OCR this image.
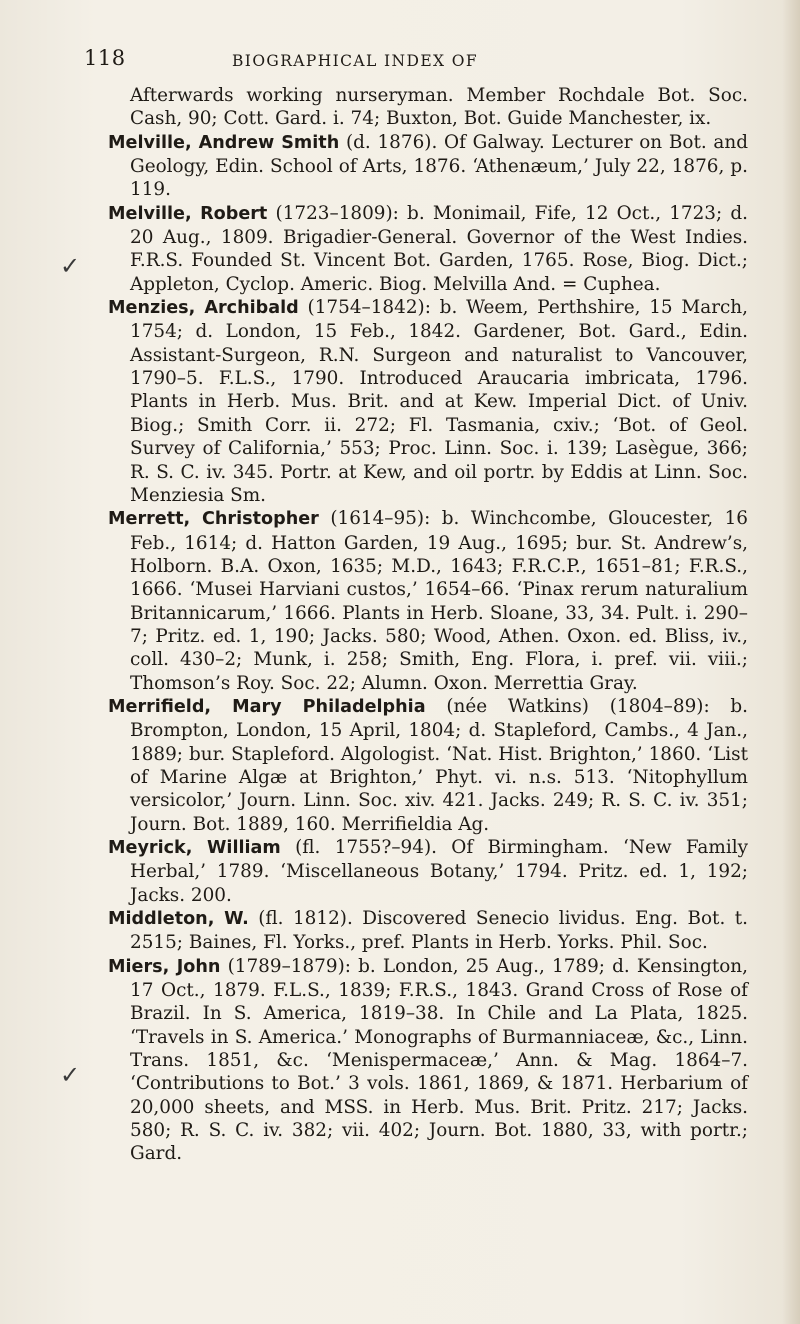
118	BIOGRAPHICAL INDEX OF
✓
✓

Afterwards working nurseryman. Member Rochdale Bot. Soc. Cash, 90; Cott. Gard. i. 74; Buxton, Bot. Guide Manchester, ix.

Melville, Andrew Smith (d. 1876). Of Galway. Lecturer on Bot. and Geology, Edin. School of Arts, 1876. ‘Athenæum,’ July 22, 1876, p. 119.

Melville, Robert (1723–1809): b. Monimail, Fife, 12 Oct., 1723; d. 20 Aug., 1809. Brigadier-General. Governor of the West Indies. F.R.S. Founded St. Vincent Bot. Garden, 1765. Rose, Biog. Dict.; Appleton, Cyclop. Americ. Biog. Melvilla And. = Cuphea.

Menzies, Archibald (1754–1842): b. Weem, Perthshire, 15 March, 1754; d. London, 15 Feb., 1842. Gardener, Bot. Gard., Edin. Assistant-Surgeon, R.N. Surgeon and naturalist to Vancouver, 1790–5. F.L.S., 1790. Introduced Araucaria imbricata, 1796. Plants in Herb. Mus. Brit. and at Kew. Imperial Dict. of Univ. Biog.; Smith Corr. ii. 272; Fl. Tasmania, cxiv.; ‘Bot. of Geol. Survey of California,’ 553; Proc. Linn. Soc. i. 139; Lasègue, 366; R. S. C. iv. 345. Portr. at Kew, and oil portr. by Eddis at Linn. Soc. Menziesia Sm.

Merrett, Christopher (1614–95): b. Winchcombe, Gloucester, 16 Feb., 1614; d. Hatton Garden, 19 Aug., 1695; bur. St. Andrew’s, Holborn. B.A. Oxon, 1635; M.D., 1643; F.R.C.P., 1651–81; F.R.S., 1666. ‘Musei Harviani custos,’ 1654–66. ‘Pinax rerum naturalium Britannicarum,’ 1666. Plants in Herb. Sloane, 33, 34. Pult. i. 290–7; Pritz. ed. 1, 190; Jacks. 580; Wood, Athen. Oxon. ed. Bliss, iv., coll. 430–2; Munk, i. 258; Smith, Eng. Flora, i. pref. vii. viii.; Thomson’s Roy. Soc. 22; Alumn. Oxon. Merrettia Gray.

Merrifield, Mary Philadelphia (née Watkins) (1804–89): b. Brompton, London, 15 April, 1804; d. Stapleford, Cambs., 4 Jan., 1889; bur. Stapleford. Algologist. ‘Nat. Hist. Brighton,’ 1860. ‘List of Marine Algæ at Brighton,’ Phyt. vi. n.s. 513. ‘Nitophyllum versicolor,’ Journ. Linn. Soc. xiv. 421. Jacks. 249; R. S. C. iv. 351; Journ. Bot. 1889, 160. Merrifieldia Ag.

Meyrick, William (fl. 1755?–94). Of Birmingham. ‘New Family Herbal,’ 1789. ‘Miscellaneous Botany,’ 1794. Pritz. ed. 1, 192; Jacks. 200.

Middleton, W. (fl. 1812). Discovered Senecio lividus. Eng. Bot. t. 2515; Baines, Fl. Yorks., pref. Plants in Herb. Yorks. Phil. Soc.

Miers, John (1789–1879): b. London, 25 Aug., 1789; d. Kensington, 17 Oct., 1879. F.L.S., 1839; F.R.S., 1843. Grand Cross of Rose of Brazil. In S. America, 1819–38. In Chile and La Plata, 1825. ‘Travels in S. America.’ Monographs of Burmanniaceæ, &c., Linn. Trans. 1851, &c. ‘Menispermaceæ,’ Ann. & Mag. 1864–7. ‘Contributions to Bot.’ 3 vols. 1861, 1869, & 1871. Herbarium of 20,000 sheets, and MSS. in Herb. Mus. Brit. Pritz. 217; Jacks. 580; R. S. C. iv. 382; vii. 402; Journ. Bot. 1880, 33, with portr.; Gard.
